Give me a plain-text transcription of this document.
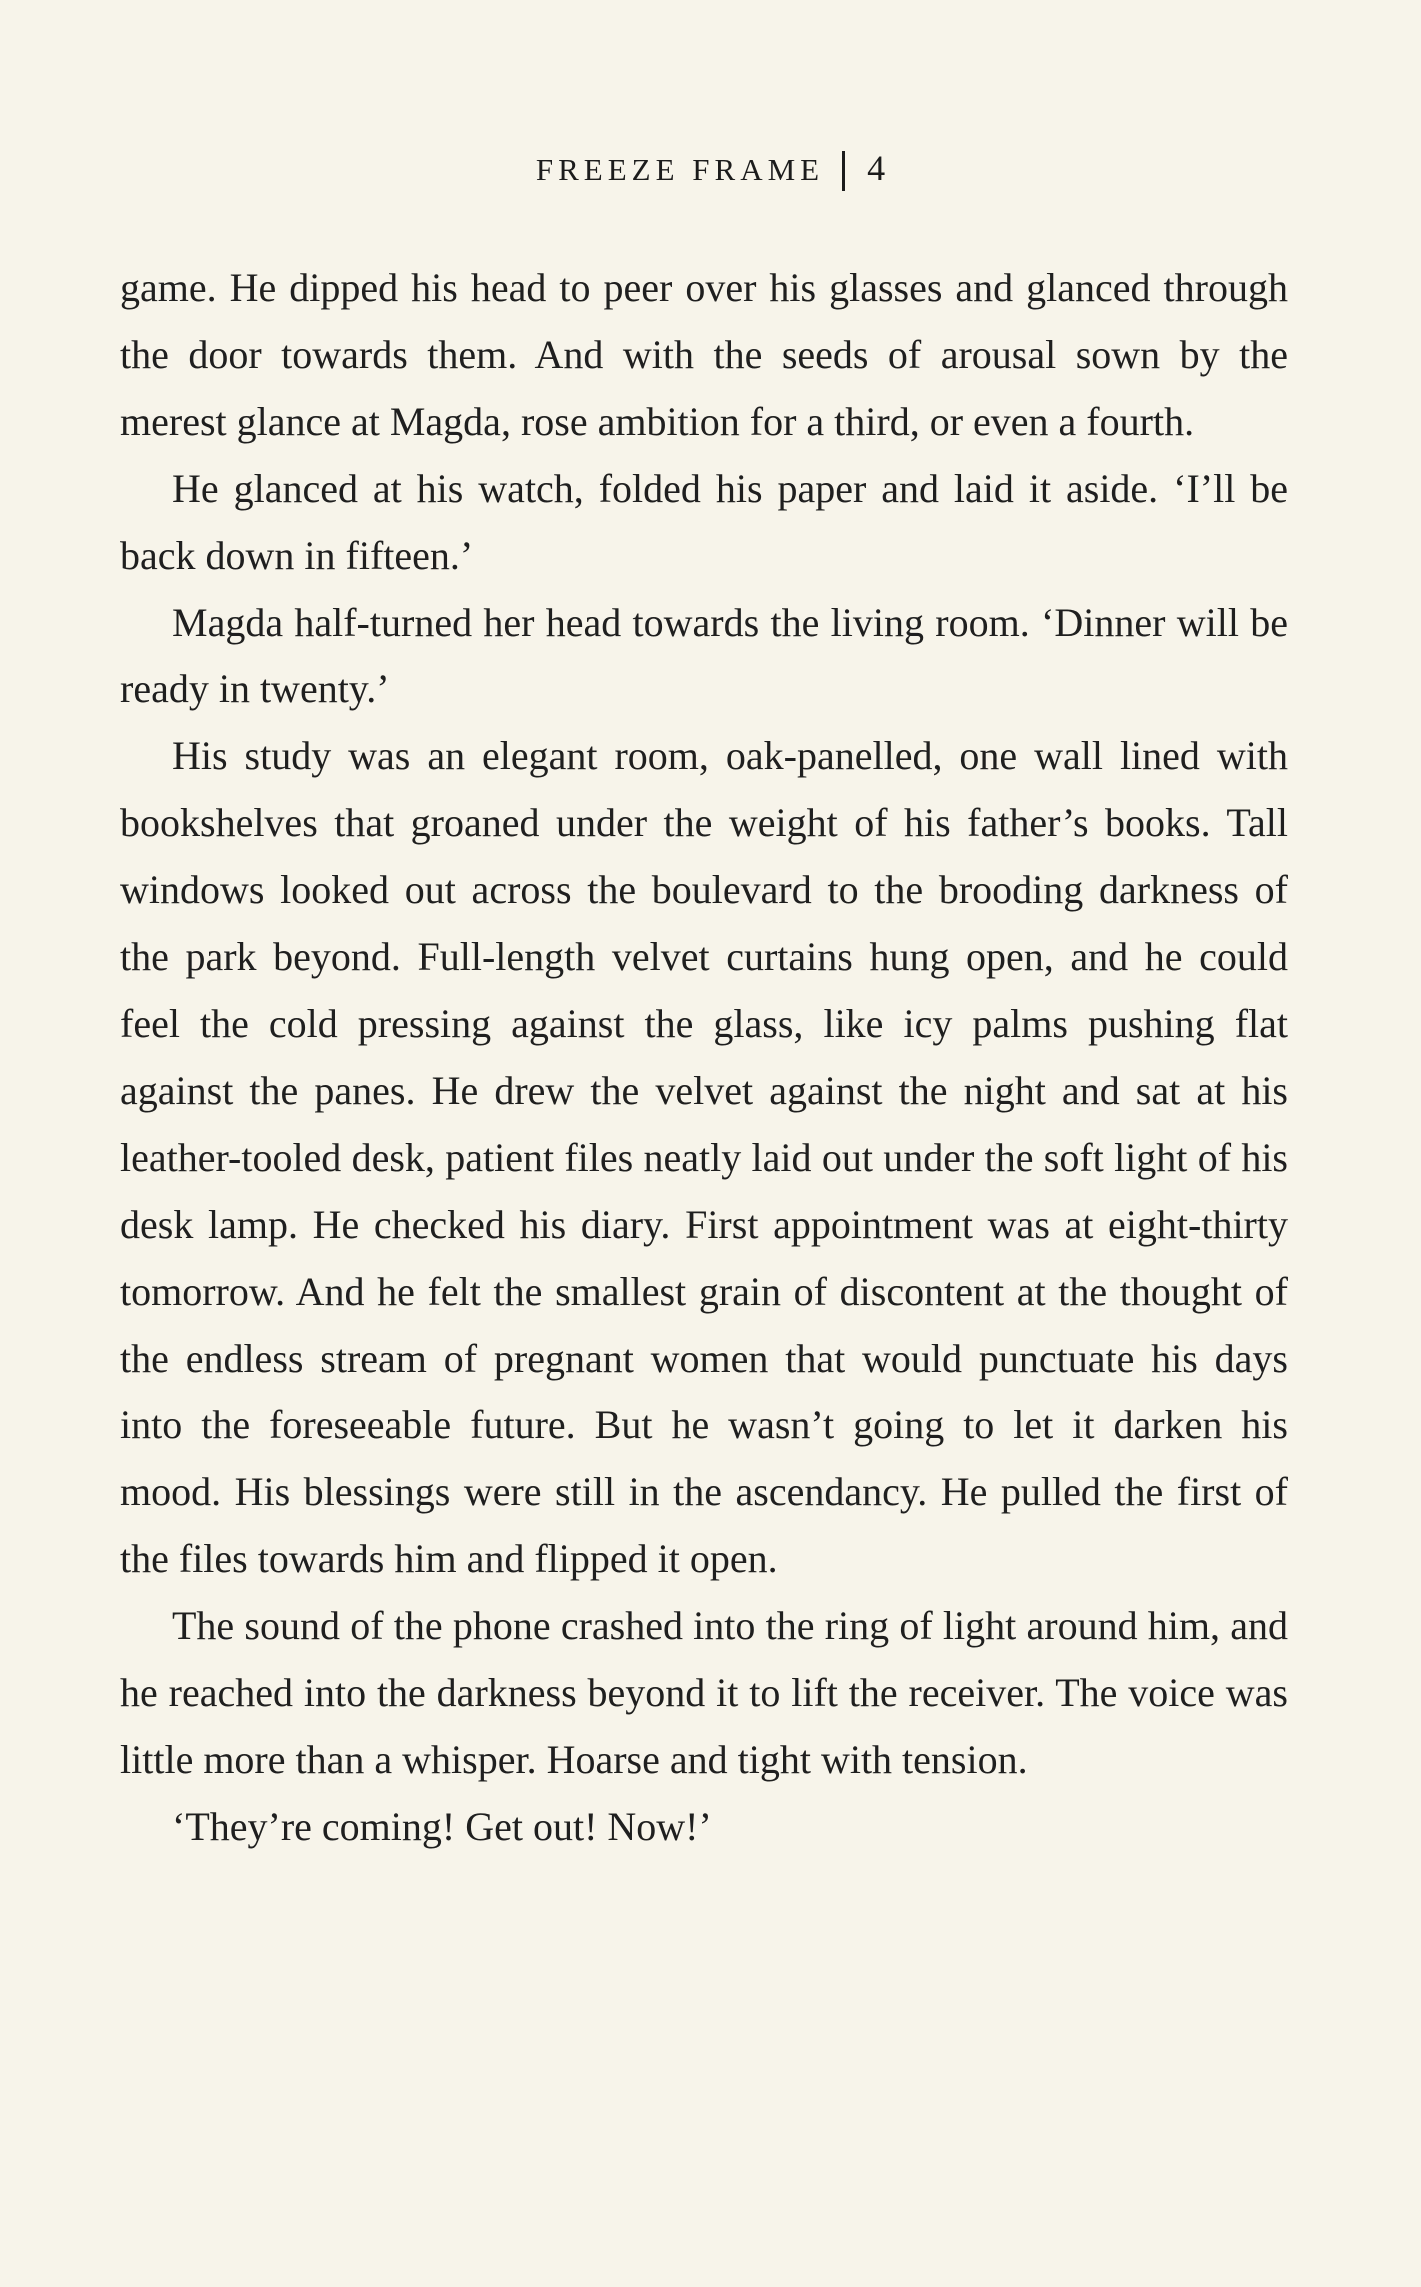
FREEZE FRAME 4

game. He dipped his head to peer over his glasses and glanced through the door towards them. And with the seeds of arousal sown by the merest glance at Magda, rose ambition for a third, or even a fourth.

He glanced at his watch, folded his paper and laid it aside. ‘I’ll be back down in fifteen.’

Magda half-turned her head towards the living room. ‘Dinner will be ready in twenty.’

His study was an elegant room, oak-panelled, one wall lined with bookshelves that groaned under the weight of his father’s books. Tall windows looked out across the boulevard to the brooding darkness of the park beyond. Full-length velvet curtains hung open, and he could feel the cold pressing against the glass, like icy palms pushing flat against the panes. He drew the velvet against the night and sat at his leather-tooled desk, patient files neatly laid out under the soft light of his desk lamp. He checked his diary. First appointment was at eight-thirty tomorrow. And he felt the smallest grain of discontent at the thought of the endless stream of pregnant women that would punctuate his days into the foreseeable future. But he wasn’t going to let it darken his mood. His blessings were still in the ascendancy. He pulled the first of the files towards him and flipped it open.

The sound of the phone crashed into the ring of light around him, and he reached into the darkness beyond it to lift the receiver. The voice was little more than a whisper. Hoarse and tight with tension.

‘They’re coming! Get out! Now!’
